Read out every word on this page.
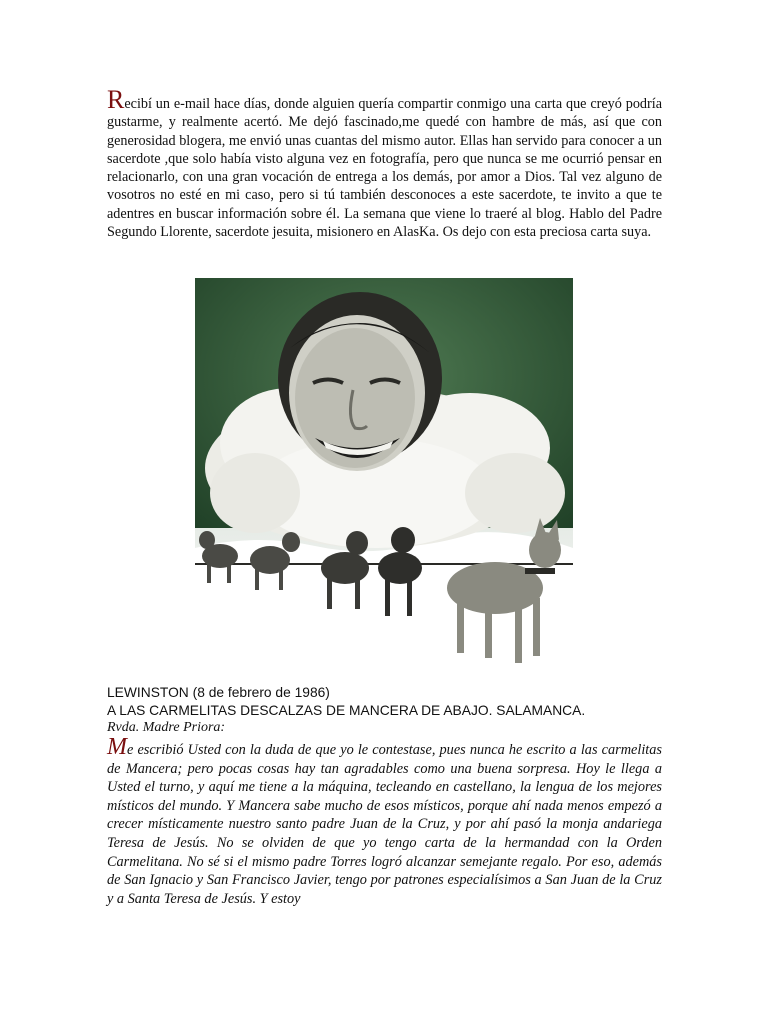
Recibí un e-mail hace días, donde alguien quería compartir conmigo una carta que creyó podría gustarme, y realmente acertó. Me dejó fascinado,me quedé con hambre de más, así que con generosidad blogera, me envió unas cuantas del mismo autor. Ellas han servido para conocer a un sacerdote ,que solo había visto alguna vez en fotografía, pero que nunca se me ocurrió pensar en relacionarlo, con una gran vocación de entrega a los demás, por amor a Dios. Tal vez alguno de vosotros no esté en mi caso, pero si tú también desconoces a este sacerdote, te invito a que te adentres en buscar información sobre él. La semana que viene lo traeré al blog. Hablo del Padre Segundo Llorente, sacerdote jesuita, misionero en AlasKa. Os dejo con esta preciosa carta suya.
LEWINSTON (8 de febrero de 1986)
A LAS CARMELITAS DESCALZAS DE MANCERA DE ABAJO. SALAMANCA.
Rvda. Madre Priora:
Me escribió Usted con la duda de que yo le contestase, pues nunca he escrito a las carmelitas de Mancera; pero pocas cosas hay tan agradables como una buena sorpresa. Hoy le llega a Usted el turno, y aquí me tiene a la máquina, tecleando en castellano, la lengua de los mejores místicos del mundo. Y Mancera sabe mucho de esos místicos, porque ahí nada menos empezó a crecer místicamente nuestro santo padre Juan de la Cruz, y por ahí pasó la monja andariega Teresa de Jesús. No se olviden de que yo tengo carta de la hermandad con la Orden Carmelitana. No sé si el mismo padre Torres logró alcanzar semejante regalo. Por eso, además de San Ignacio y San Francisco Javier, tengo por patrones especialísimos a San Juan de la Cruz y a Santa Teresa de Jesús. Y estoy
